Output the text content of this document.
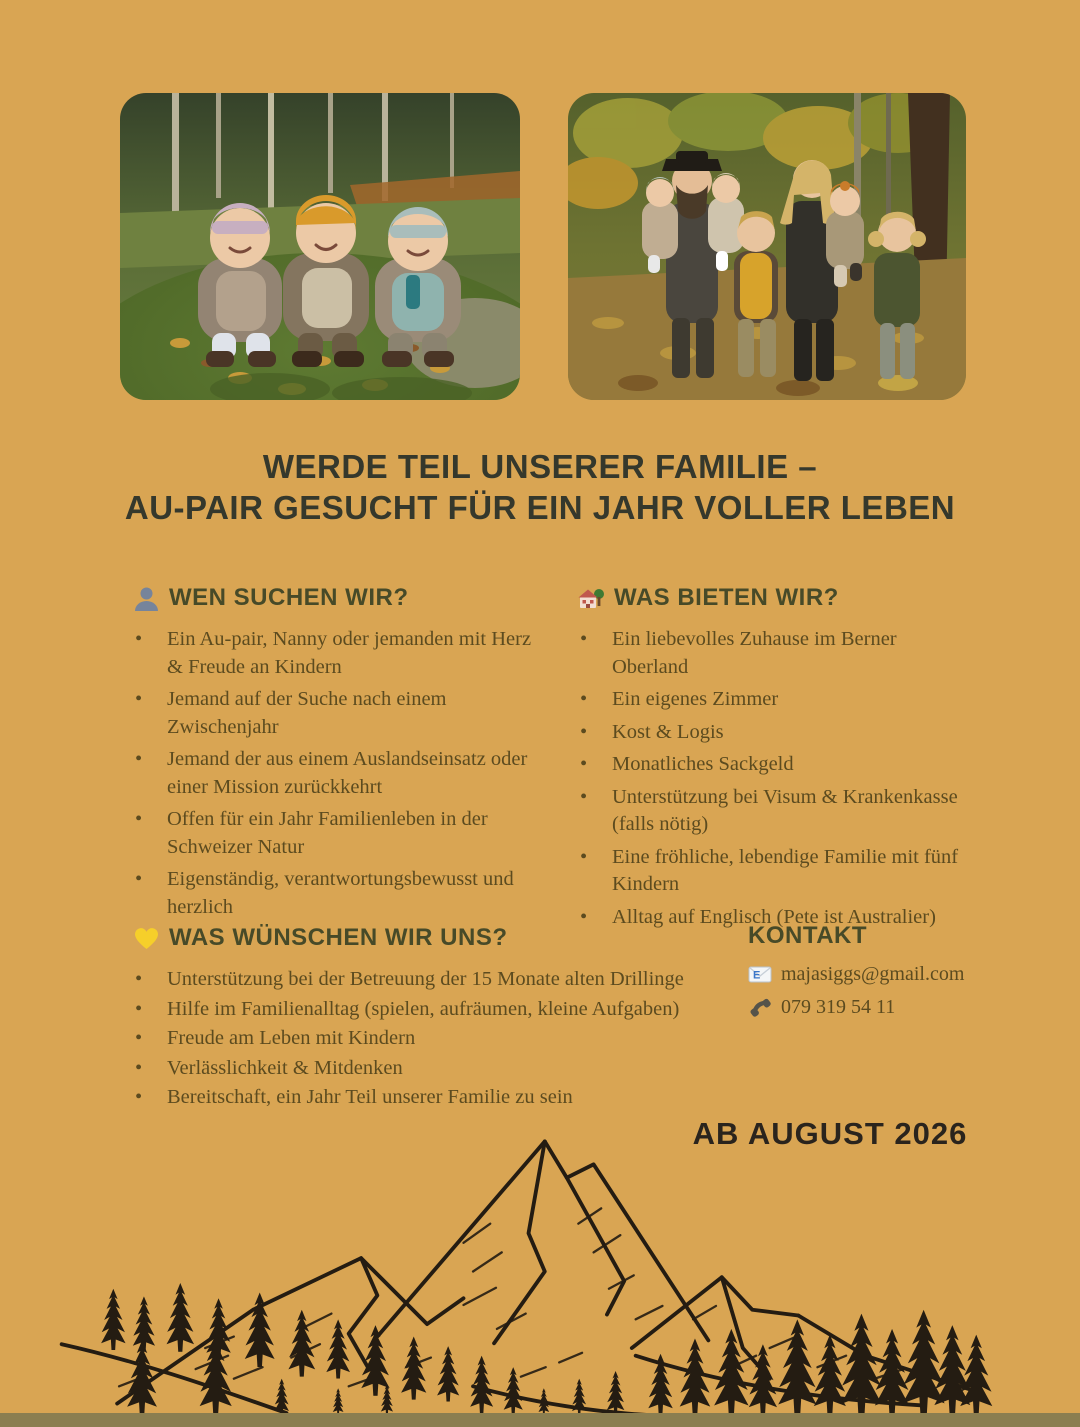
WERDE TEIL UNSERER FAMILIE –
AU-PAIR GESUCHT FÜR EIN JAHR VOLLER LEBEN
WEN SUCHEN WIR?
• Ein Au-pair, Nanny oder jemanden mit Herz & Freude an Kindern
• Jemand auf der Suche nach einem Zwischenjahr
• Jemand der aus einem Auslandseinsatz oder einer Mission zurückkehrt
• Offen für ein Jahr Familienleben in der Schweizer Natur
• Eigenständig, verantwortungsbewusst und herzlich
WAS BIETEN WIR?
• Ein liebevolles Zuhause im Berner Oberland
• Ein eigenes Zimmer
• Kost & Logis
• Monatliches Sackgeld
• Unterstützung bei Visum & Krankenkasse (falls nötig)
• Eine fröhliche, lebendige Familie mit fünf Kindern
• Alltag auf Englisch (Pete ist Australier)
WAS WÜNSCHEN WIR UNS?
• Unterstützung bei der Betreuung der 15 Monate alten Drillinge
• Hilfe im Familienalltag (spielen, aufräumen, kleine Aufgaben)
• Freude am Leben mit Kindern
• Verlässlichkeit & Mitdenken
• Bereitschaft, ein Jahr Teil unserer Familie zu sein
KONTAKT
E majasiggs@gmail.com
079 319 54 11
AB AUGUST 2026
